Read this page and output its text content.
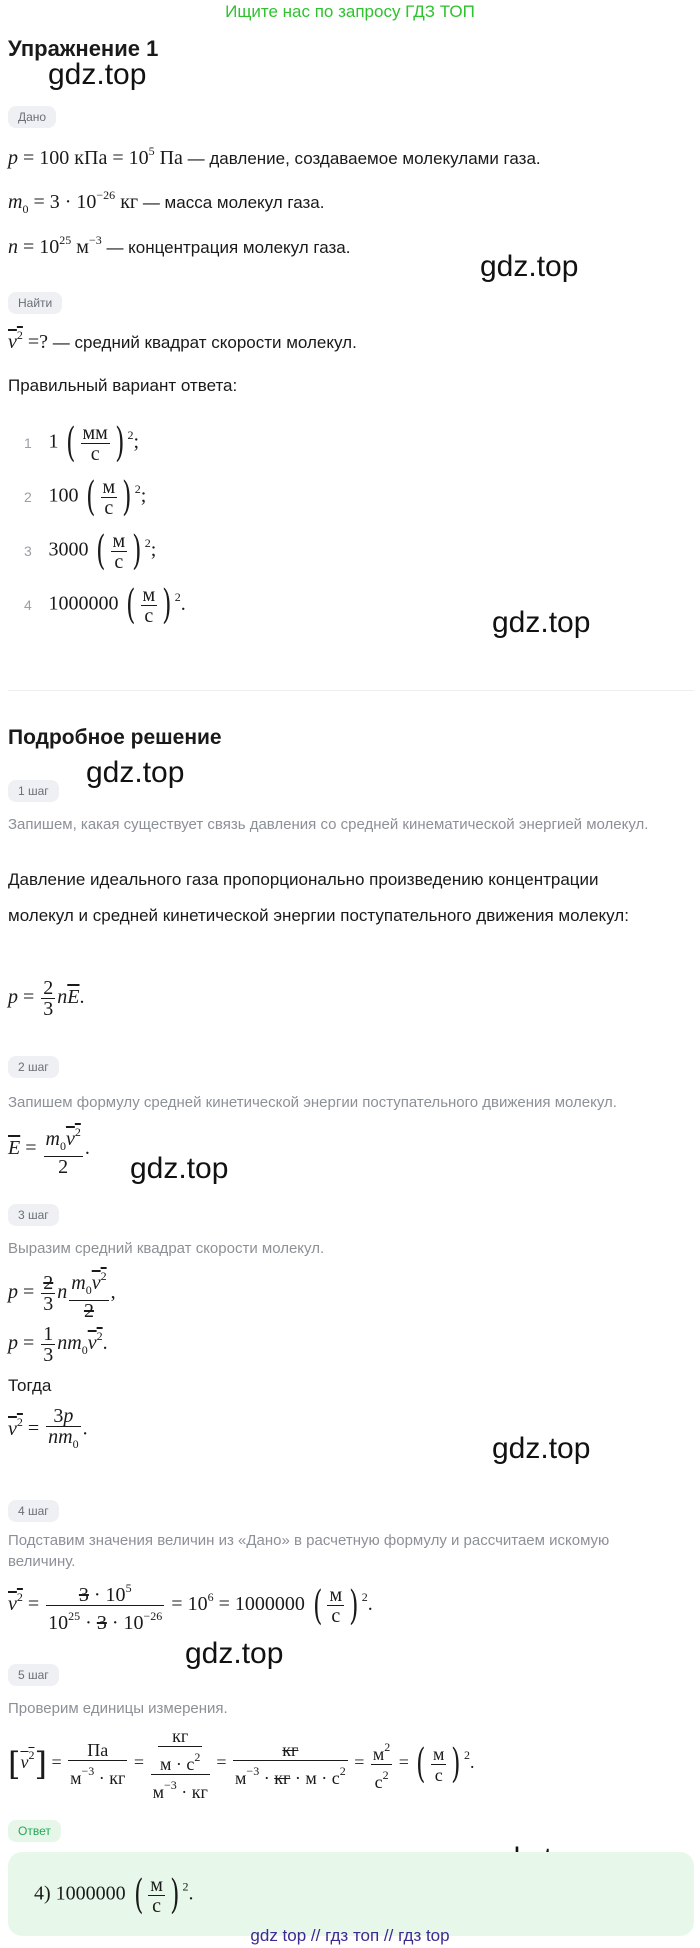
Ищите нас по запросу ГДЗ ТОП
Упражнение 1
gdz.top
gdz.top
gdz.top
gdz.top
gdz.top
gdz.top
gdz.top
Дано
p = 100 кПа = $10^5$ Па — давление, создаваемое молекулами газа.
$m_0 = 3 \cdot 10^{-26}$ кг — масса молекул газа.
$n = 10^{25}$ $м^{-3}$ — концентрация молекул газа.
Найти
$v^2$ =? — средний квадрат скорости молекул.
Правильный вариант ответа:
1 1 ( $\frac{мм}{с}$ ) $^2$;
2 100 ( $\frac{м}{с}$ ) $^2$;
3 3000 ( $\frac{м}{с}$ ) $^2$;
4 1000000 ( $\frac{м}{с}$ ) $^2$.
Подробное решение
1 шаг
Запишем, какая существует связь давления со средней кинематической энергией молекул.
Давление идеального газа пропорционально произведению концентрации молекул и средней кинетической энергии поступательного движения молекул:
$p = \frac{2}{3} n\overline{E}$.
2 шаг
Запишем формулу средней кинетической энергии поступательного движения молекул.
$\overline{E} = \frac{m_0v^2}{2}$ .
3 шаг
Выразим средний квадрат скорости молекул.
$p = \frac{2}{3}$ n $\frac{m_0v^2}{2}$ ,
$p = \frac{1}{3} nm_0v^2$.
Тогда
$v^2 = \frac{3p}{nm_0}$ .
4 шаг
Подставим значения величин из «Дано» в расчетную формулу и рассчитаем искомую величину.
$v^2 = \frac{3 \cdot 10^5}{10^{25} \cdot 3 \cdot 10^{-26}} = 10^6 = 1000000$ ( $\frac{м}{с}$ ) $^2$.
5 шаг
Проверим единицы измерения.
$[v^2] = \frac{Па}{м^{-3} \cdot кг} = \frac{\frac{кг}{м \cdot с^2}}{м^{-3} \cdot кг} = \frac{кг}{м^{-3} \cdot кг \cdot м \cdot с^2} = \frac{м^2}{с^2}$ = ( $\frac{м}{с}$ ) $^2$.
Ответ
4) 1000000 ( $\frac{м}{с}$ ) $^2$.
gdz top // гдз топ // гдз top
